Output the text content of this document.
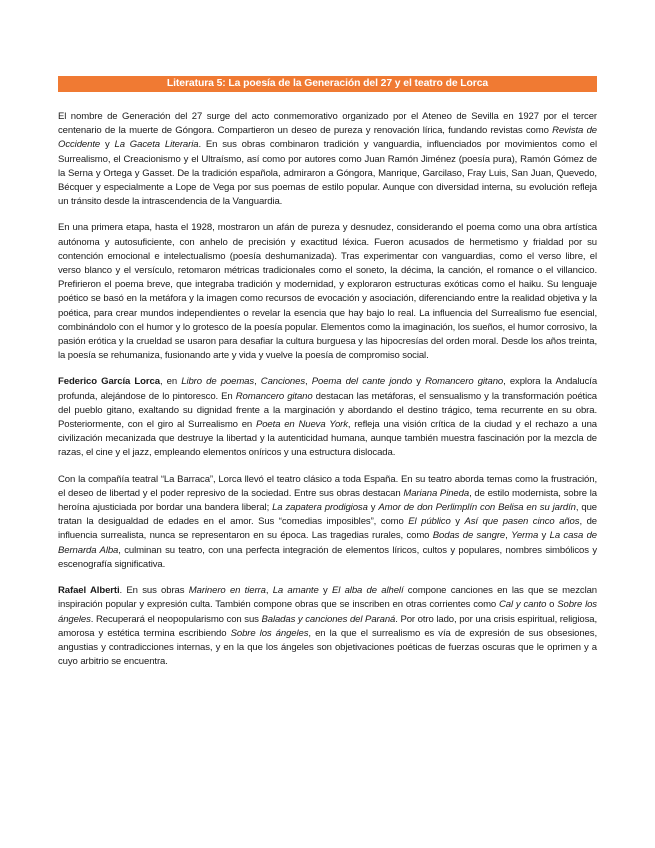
Literatura 5: La poesía de la Generación del 27 y el teatro de Lorca

El nombre de Generación del 27 surge del acto conmemorativo organizado por el Ateneo de Sevilla en 1927 por el tercer centenario de la muerte de Góngora. Compartieron un deseo de pureza y renovación lírica, fundando revistas como Revista de Occidente y La Gaceta Literaria. En sus obras combinaron tradición y vanguardia, influenciados por movimientos como el Surrealismo, el Creacionismo y el Ultraísmo, así como por autores como Juan Ramón Jiménez (poesía pura), Ramón Gómez de la Serna y Ortega y Gasset. De la tradición española, admiraron a Góngora, Manrique, Garcilaso, Fray Luis, San Juan, Quevedo, Bécquer y especialmente a Lope de Vega por sus poemas de estilo popular. Aunque con diversidad interna, su evolución refleja un tránsito desde la intrascendencia de la Vanguardia.

En una primera etapa, hasta el 1928, mostraron un afán de pureza y desnudez, considerando el poema como una obra artística autónoma y autosuficiente, con anhelo de precisión y exactitud léxica. Fueron acusados de hermetismo y frialdad por su contención emocional e intelectualismo (poesía deshumanizada). Tras experimentar con vanguardias, como el verso libre, el verso blanco y el versículo, retomaron métricas tradicionales como el soneto, la décima, la canción, el romance o el villancico. Prefirieron el poema breve, que integraba tradición y modernidad, y exploraron estructuras exóticas como el haiku. Su lenguaje poético se basó en la metáfora y la imagen como recursos de evocación y asociación, diferenciando entre la realidad objetiva y la poética, para crear mundos independientes o revelar la esencia que hay bajo lo real. La influencia del Surrealismo fue esencial, combinándolo con el humor y lo grotesco de la poesía popular. Elementos como la imaginación, los sueños, el humor corrosivo, la pasión erótica y la crueldad se usaron para desafiar la cultura burguesa y las hipocresías del orden moral. Desde los años treinta, la poesía se rehumaniza, fusionando arte y vida y vuelve la poesía de compromiso social.

Federico García Lorca, en Libro de poemas, Canciones, Poema del cante jondo y Romancero gitano, explora la Andalucía profunda, alejándose de lo pintoresco. En Romancero gitano destacan las metáforas, el sensualismo y la transformación poética del pueblo gitano, exaltando su dignidad frente a la marginación y abordando el destino trágico, tema recurrente en su obra. Posteriormente, con el giro al Surrealismo en Poeta en Nueva York, refleja una visión crítica de la ciudad y el rechazo a una civilización mecanizada que destruye la libertad y la autenticidad humana, aunque también muestra fascinación por la mezcla de razas, el cine y el jazz, empleando elementos oníricos y una estructura dislocada.

Con la compañía teatral “La Barraca”, Lorca llevó el teatro clásico a toda España. En su teatro aborda temas como la frustración, el deseo de libertad y el poder represivo de la sociedad. Entre sus obras destacan Mariana Pineda, de estilo modernista, sobre la heroína ajusticiada por bordar una bandera liberal; La zapatera prodigiosa y Amor de don Perlimplín con Belisa en su jardín, que tratan la desigualdad de edades en el amor. Sus “comedias imposibles”, como El público y Así que pasen cinco años, de influencia surrealista, nunca se representaron en su época. Las tragedias rurales, como Bodas de sangre, Yerma y La casa de Bernarda Alba, culminan su teatro, con una perfecta integración de elementos líricos, cultos y populares, nombres simbólicos y escenografía significativa.

Rafael Alberti. En sus obras Marinero en tierra, La amante y El alba de alhelí compone canciones en las que se mezclan inspiración popular y expresión culta. También compone obras que se inscriben en otras corrientes como Cal y canto o Sobre los ángeles. Recuperará el neopopularismo con sus Baladas y canciones del Paraná. Por otro lado, por una crisis espiritual, religiosa, amorosa y estética termina escribiendo Sobre los ángeles, en la que el surrealismo es vía de expresión de sus obsesiones, angustias y contradicciones internas, y en la que los ángeles son objetivaciones poéticas de fuerzas oscuras que le oprimen y a cuyo arbitrio se encuentra.
